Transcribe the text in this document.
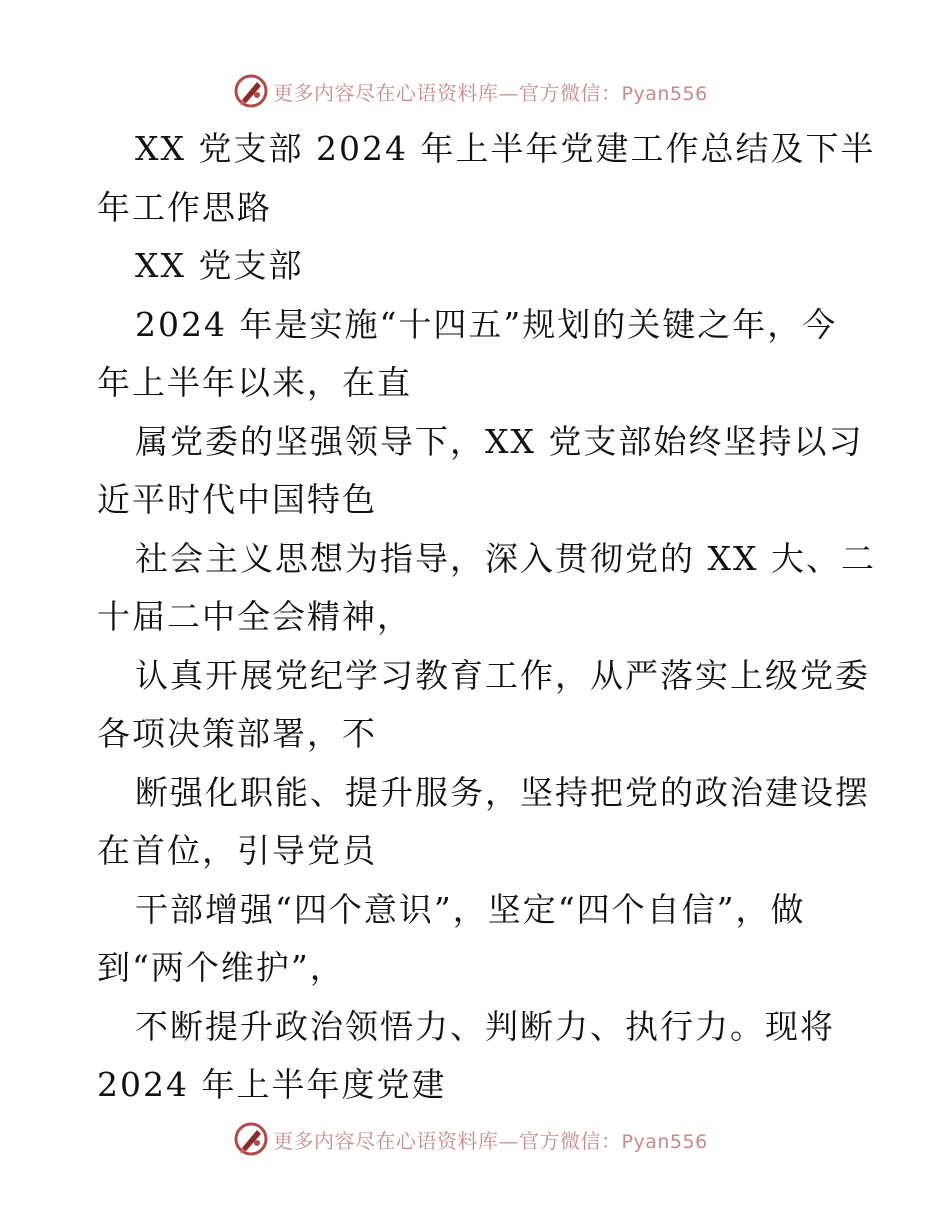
更多内容尽在心语资料库—官方微信：Pyan556
XX 党支部 2024 年上半年党建工作总结及下半
年工作思路
XX 党支部
2024 年是实施“十四五”规划的关键之年，今
年上半年以来，在直
属党委的坚强领导下，XX 党支部始终坚持以习
近平时代中国特色
社会主义思想为指导，深入贯彻党的 XX 大、二
十届二中全会精神，
认真开展党纪学习教育工作，从严落实上级党委
各项决策部署，不
断强化职能、提升服务，坚持把党的政治建设摆
在首位，引导党员
干部增强“四个意识”，坚定“四个自信”，做
到“两个维护”，
不断提升政治领悟力、判断力、执行力。现将
2024 年上半年度党建
更多内容尽在心语资料库—官方微信：Pyan556
